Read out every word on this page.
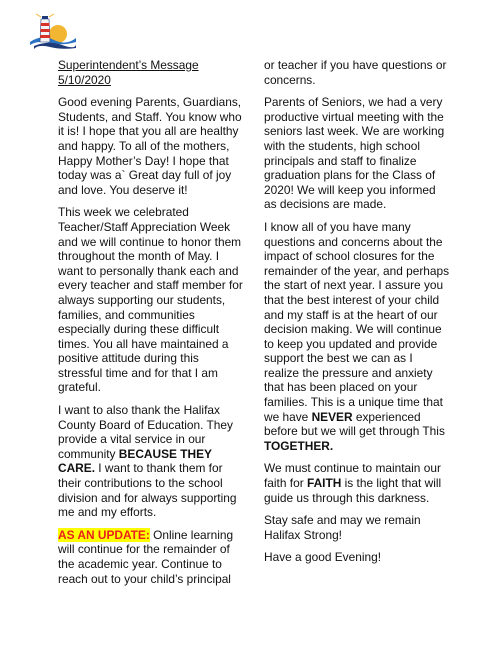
Superintendent’s Message
5/10/2020

Good evening Parents, Guardians, Students, and Staff. You know who it is! I hope that you all are healthy and happy. To all of the mothers, Happy Mother’s Day! I hope that today was a` Great day full of joy and love. You deserve it!

This week we celebrated Teacher/Staff Appreciation Week and we will continue to honor them throughout the month of May. I want to personally thank each and every teacher and staff member for always supporting our students, families, and communities especially during these difficult times. You all have maintained a positive attitude during this stressful time and for that I am grateful.

I want to also thank the Halifax County Board of Education. They provide a vital service in our community BECAUSE THEY CARE. I want to thank them for their contributions to the school division and for always supporting me and my efforts.

AS AN UPDATE: Online learning will continue for the remainder of the academic year. Continue to reach out to your child’s principal

or teacher if you have questions or concerns.

Parents of Seniors, we had a very productive virtual meeting with the seniors last week. We are working with the students, high school principals and staff to finalize graduation plans for the Class of 2020! We will keep you informed as decisions are made.

I know all of you have many questions and concerns about the impact of school closures for the remainder of the year, and perhaps the start of next year. I assure you that the best interest of your child and my staff is at the heart of our decision making. We will continue to keep you updated and provide support the best we can as I realize the pressure and anxiety that has been placed on your families. This is a unique time that we have NEVER experienced before but we will get through This TOGETHER.

We must continue to maintain our faith for FAITH is the light that will guide us through this darkness.

Stay safe and may we remain Halifax Strong!

Have a good Evening!
